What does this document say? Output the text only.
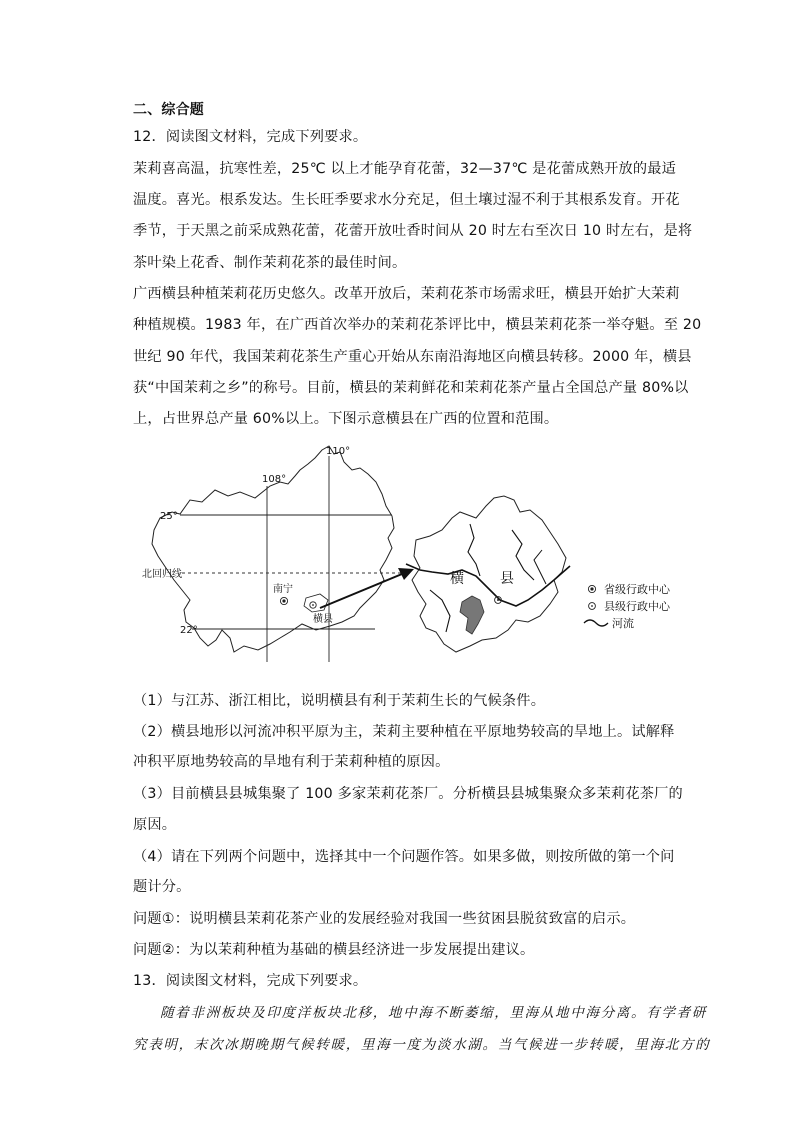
二、综合题
12．阅读图文材料，完成下列要求。
茉莉喜高温，抗寒性差，25℃ 以上才能孕育花蕾，32—37℃ 是花蕾成熟开放的最适
温度。喜光。根系发达。生长旺季要求水分充足，但土壤过湿不利于其根系发育。开花
季节，于天黑之前采成熟花蕾，花蕾开放吐香时间从 20 时左右至次日 10 时左右，是将
茶叶染上花香、制作茉莉花茶的最佳时间。
广西横县种植茉莉花历史悠久。改革开放后，茉莉花茶市场需求旺，横县开始扩大茉莉
种植规模。1983 年，在广西首次举办的茉莉花茶评比中，横县茉莉花茶一举夺魁。至 20
世纪 90 年代，我国茉莉花茶生产重心开始从东南沿海地区向横县转移。2000 年，横县
获“中国茉莉之乡”的称号。目前，横县的茉莉鲜花和茉莉花茶产量占全国总产量 80%以
上，占世界总产量 60%以上。下图示意横县在广西的位置和范围。
110°
108°
25°
22°
北回归线
南宁
横县
横	县
省级行政中心
县级行政中心
河流
（1）与江苏、浙江相比，说明横县有利于茉莉生长的气候条件。
（2）横县地形以河流冲积平原为主，茉莉主要种植在平原地势较高的旱地上。试解释
冲积平原地势较高的旱地有利于茉莉种植的原因。
（3）目前横县县城集聚了 100 多家茉莉花茶厂。分析横县县城集聚众多茉莉花茶厂的
原因。
（4）请在下列两个问题中，选择其中一个问题作答。如果多做，则按所做的第一个问
题计分。
问题①：说明横县茉莉花茶产业的发展经验对我国一些贫困县脱贫致富的启示。
问题②：为以茉莉种植为基础的横县经济进一步发展提出建议。
13．阅读图文材料，完成下列要求。
随着非洲板块及印度洋板块北移，地中海不断萎缩，里海从地中海分离。有学者研
究表明，末次冰期晚期气候转暖，里海一度为淡水湖。当气候进一步转暖，里海北方的
